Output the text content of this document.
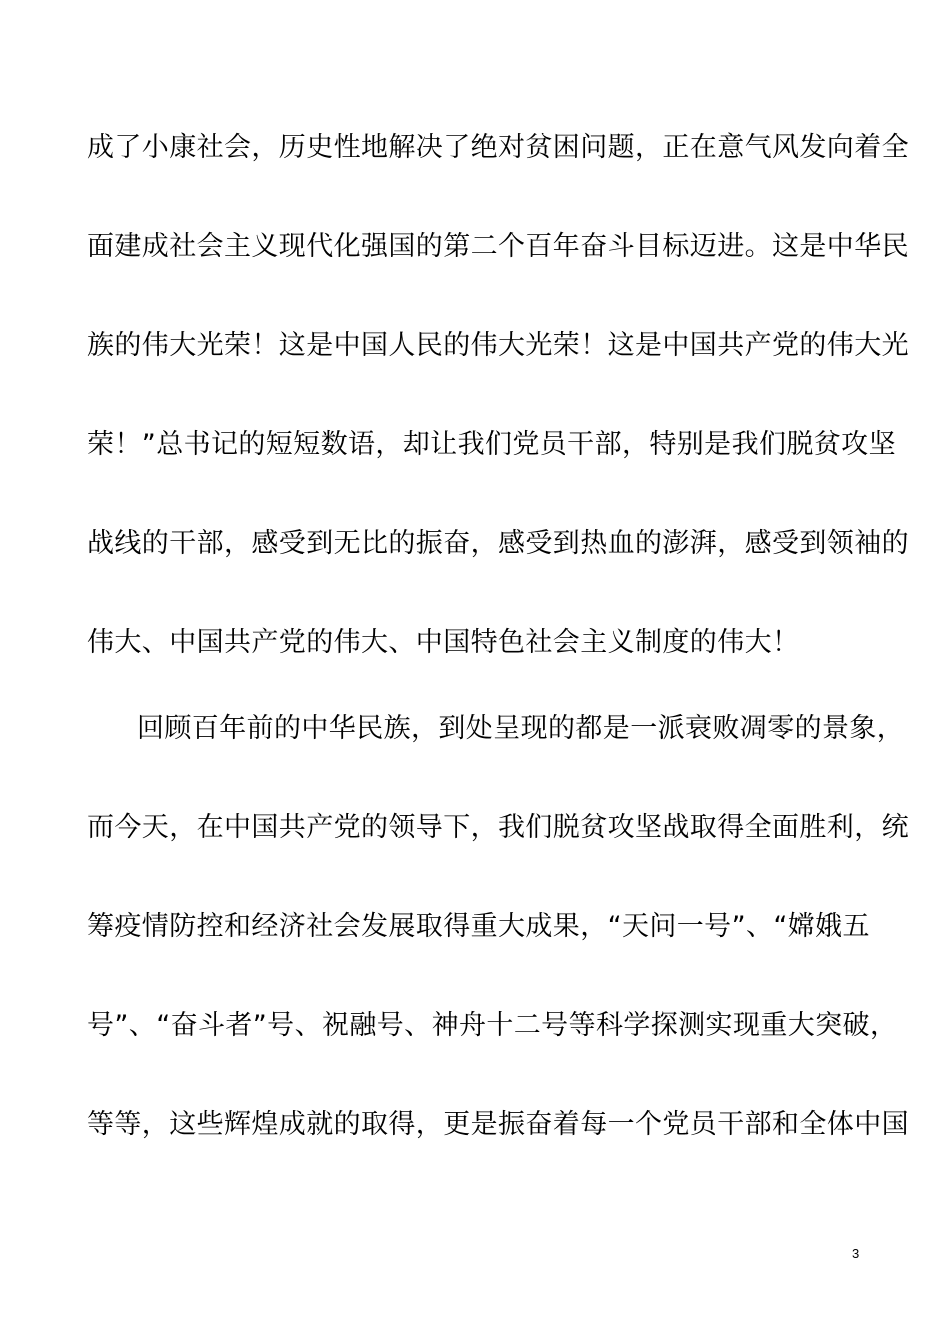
成了小康社会，历史性地解决了绝对贫困问题，正在意气风发向着全
面建成社会主义现代化强国的第二个百年奋斗目标迈进。这是中华民
族的伟大光荣！这是中国人民的伟大光荣！这是中国共产党的伟大光
荣！”总书记的短短数语，却让我们党员干部，特别是我们脱贫攻坚
战线的干部，感受到无比的振奋，感受到热血的澎湃，感受到领袖的
伟大、中国共产党的伟大、中国特色社会主义制度的伟大！
回顾百年前的中华民族，到处呈现的都是一派衰败凋零的景象，
而今天，在中国共产党的领导下，我们脱贫攻坚战取得全面胜利，统
筹疫情防控和经济社会发展取得重大成果，“天问一号”、“嫦娥五
号”、“奋斗者”号、祝融号、神舟十二号等科学探测实现重大突破，
等等，这些辉煌成就的取得，更是振奋着每一个党员干部和全体中国
3
